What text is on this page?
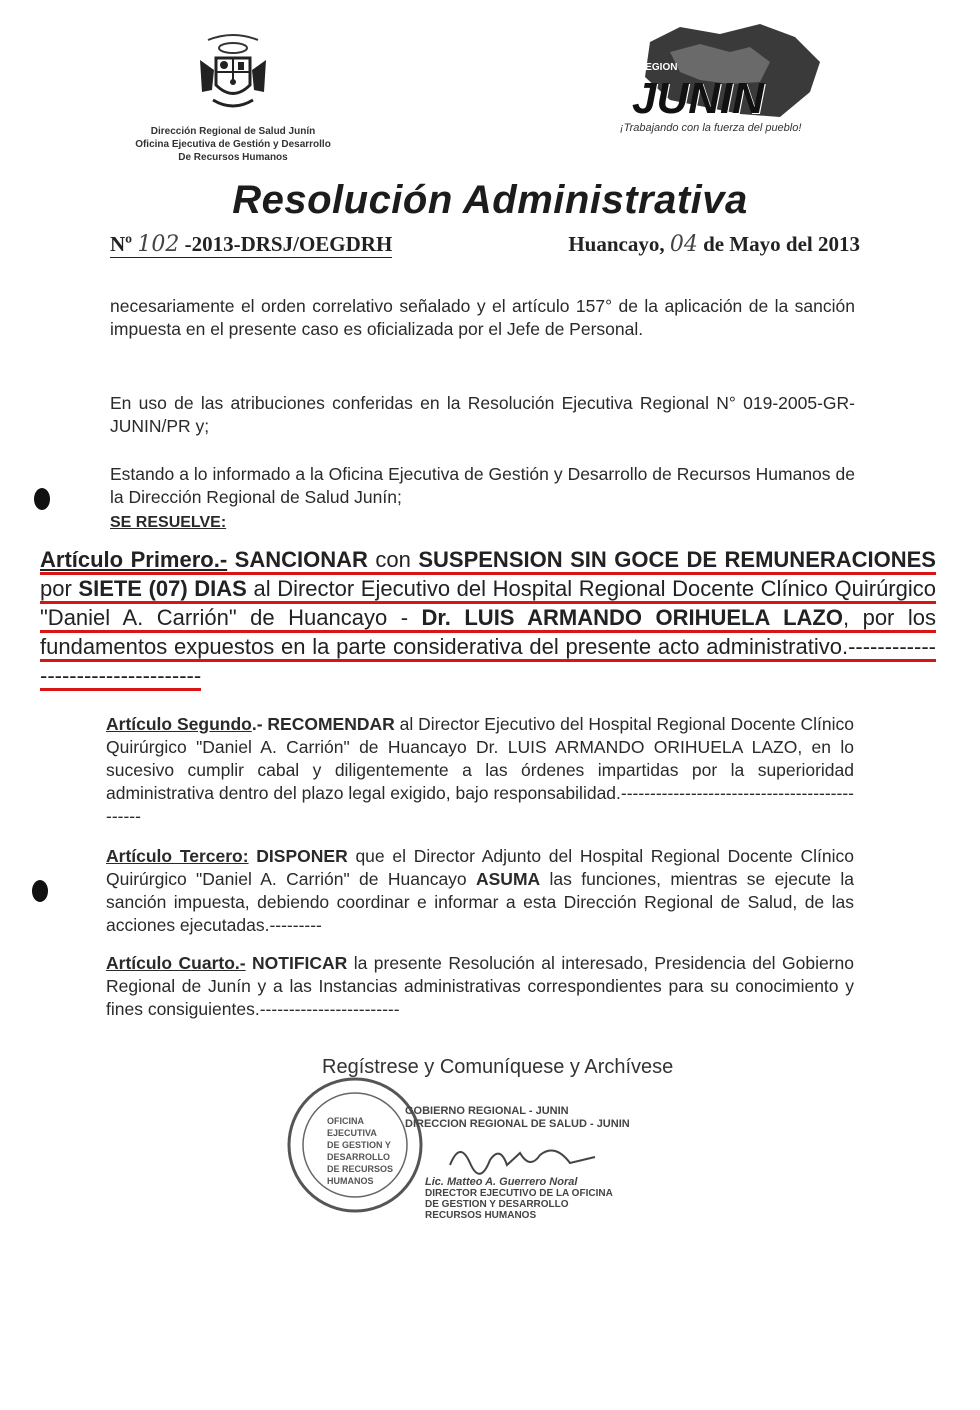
Dirección Regional de Salud Junín
Oficina Ejecutiva de Gestión y Desarrollo
De Recursos Humanos
JUNIN
REGION
¡Trabajando con la fuerza del pueblo!
Resolución Administrativa
Nº 102 -2013-DRSJ/OEGDRH	Huancayo, 04 de Mayo del 2013
necesariamente el orden correlativo señalado y el artículo 157° de la aplicación de la sanción impuesta en el presente caso es oficializada por el Jefe de Personal.
En uso de las atribuciones conferidas en la Resolución Ejecutiva Regional N° 019-2005-GR-JUNIN/PR y;
Estando a lo informado a la Oficina Ejecutiva de Gestión y Desarrollo de Recursos Humanos de la Dirección Regional de Salud Junín;
SE RESUELVE:
Artículo Primero.- SANCIONAR con SUSPENSION SIN GOCE DE REMUNERACIONES por SIETE (07) DIAS al Director Ejecutivo del Hospital Regional Docente Clínico Quirúrgico "Daniel A. Carrión" de Huancayo - Dr. LUIS ARMANDO ORIHUELA LAZO, por los fundamentos expuestos en la parte considerativa del presente acto administrativo.----------------------------------
Artículo Segundo.- RECOMENDAR al Director Ejecutivo del Hospital Regional Docente Clínico Quirúrgico "Daniel A. Carrión" de Huancayo Dr. LUIS ARMANDO ORIHUELA LAZO, en lo sucesivo cumplir cabal y diligentemente a las órdenes impartidas por la superioridad administrativa dentro del plazo legal exigido, bajo responsabilidad.----------------------------------------------
Artículo Tercero: DISPONER que el Director Adjunto del Hospital Regional Docente Clínico Quirúrgico "Daniel A. Carrión" de Huancayo ASUMA las funciones, mientras se ejecute la sanción impuesta, debiendo coordinar e informar a esta Dirección Regional de Salud, de las acciones ejecutadas.---------
Artículo Cuarto.- NOTIFICAR la presente Resolución al interesado, Presidencia del Gobierno Regional de Junín y a las Instancias administrativas correspondientes para su conocimiento y fines consiguientes.------------------------
Regístrese y Comuníquese y Archívese
OFICINA EJECUTIVA
DE GESTION Y DESARROLLO
DE RECURSOS HUMANOS
GOBIERNO REGIONAL - JUNIN
DIRECCION REGIONAL DE SALUD - JUNIN
Lic. Matteo A. Guerrero Noral
DIRECTOR EJECUTIVO DE LA OFICINA
DE GESTION Y DESARROLLO
RECURSOS HUMANOS
